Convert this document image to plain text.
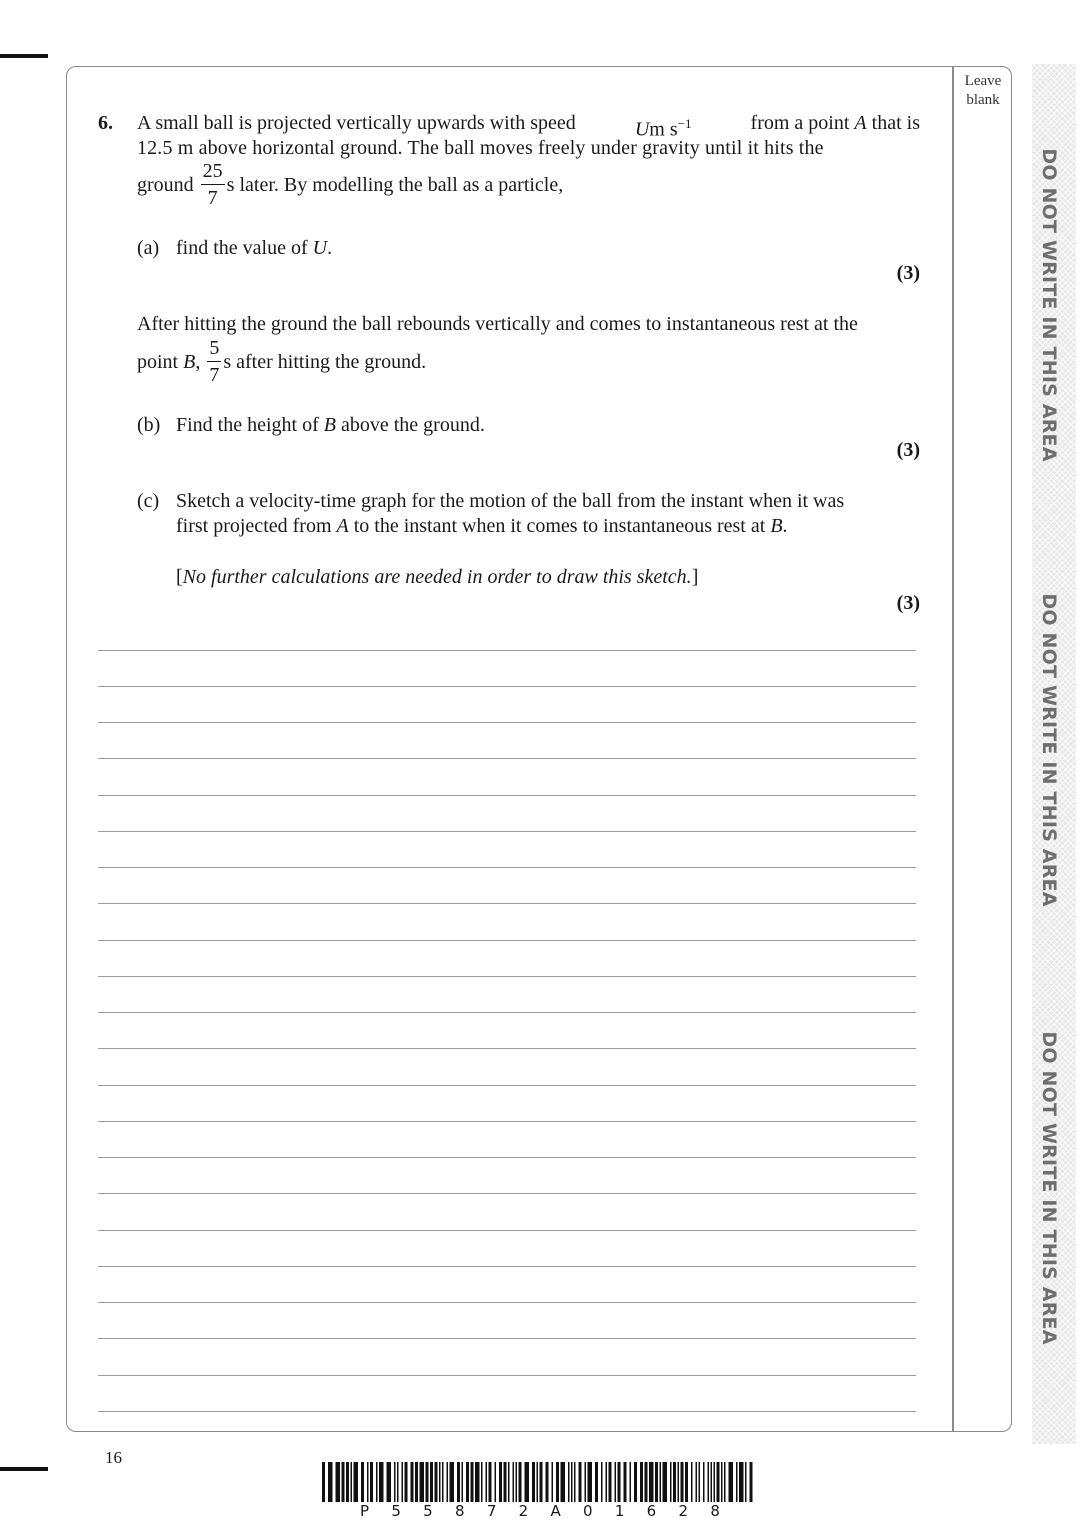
Leave blank
DO NOT WRITE IN THIS AREA
DO NOT WRITE IN THIS AREA
DO NOT WRITE IN THIS AREA
6. A small ball is projected vertically upwards with speed	Um $s^{-1}$	from a point A that is
12.5 m above horizontal ground. The ball moves freely under gravity until it hits the
ground $\frac{25}{7}$ s later. By modelling the ball as a particle,
(a) find the value of U.
(3)
After hitting the ground the ball rebounds vertically and comes to instantaneous rest at the
point B, $\frac{5}{7}$ s after hitting the ground.
(b) Find the height of B above the ground.
(3)
(c) Sketch a velocity-time graph for the motion of the ball from the instant when it was
first projected from A to the instant when it comes to instantaneous rest at B.
[No further calculations are needed in order to draw this sketch.]
(3)
16
P 5 5 8 7 2 A 0 1 6 2 8
